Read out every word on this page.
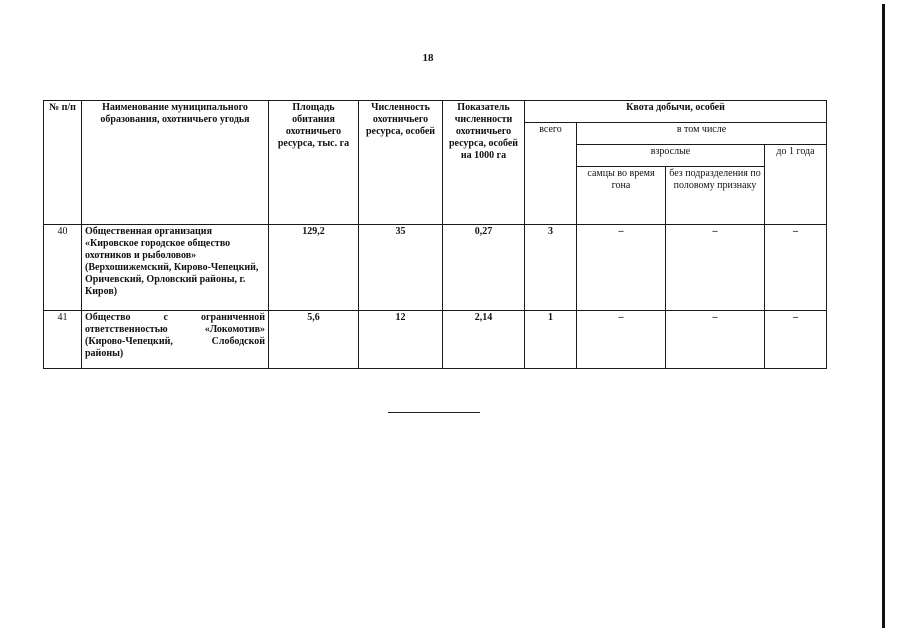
18
№ п/п	Наименование муниципального образования, охотничьего угодья	Площадь обитания охотничьего ресурса, тыс. га	Численность охотничьего ресурса, особей	Показатель численности охотничьего ресурса, особей на 1000 га	Квота добычи, особей			
					всего	в том числе		
						взрослые		до 1 года
						самцы во время гона	без подразделения по половому признаку	
40	Общественная организация «Кировское городское общество охотников и рыболовов» (Верхошижемский, Кирово-Чепецкий, Оричевский, Орловский районы, г. Киров)	129,2	35	0,27	3	–	–	–
41	Общество с ограниченной ответственностью «Локомотив» (Кирово-Чепецкий, Слободской районы)	5,6	12	2,14	1	–	–	–
